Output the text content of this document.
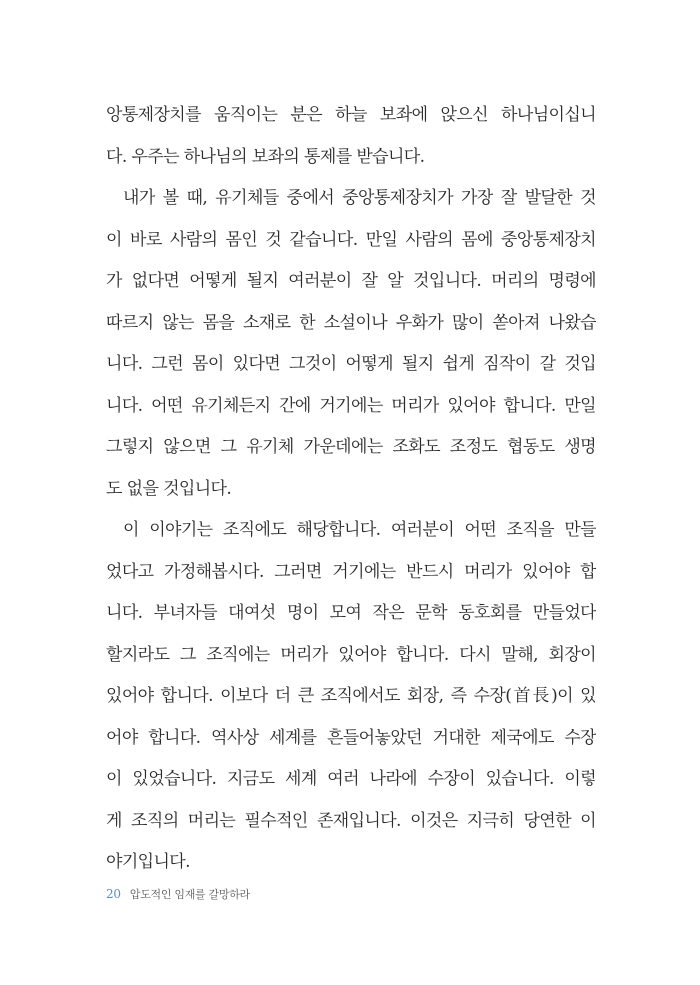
앙통제장치를 움직이는 분은 하늘 보좌에 앉으신 하나님이십니
다. 우주는 하나님의 보좌의 통제를 받습니다.
내가 볼 때, 유기체들 중에서 중앙통제장치가 가장 잘 발달한 것
이 바로 사람의 몸인 것 같습니다. 만일 사람의 몸에 중앙통제장치
가 없다면 어떻게 될지 여러분이 잘 알 것입니다. 머리의 명령에
따르지 않는 몸을 소재로 한 소설이나 우화가 많이 쏟아져 나왔습
니다. 그런 몸이 있다면 그것이 어떻게 될지 쉽게 짐작이 갈 것입
니다. 어떤 유기체든지 간에 거기에는 머리가 있어야 합니다. 만일
그렇지 않으면 그 유기체 가운데에는 조화도 조정도 협동도 생명
도 없을 것입니다.
이 이야기는 조직에도 해당합니다. 여러분이 어떤 조직을 만들
었다고 가정해봅시다. 그러면 거기에는 반드시 머리가 있어야 합
니다. 부녀자들 대여섯 명이 모여 작은 문학 동호회를 만들었다
할지라도 그 조직에는 머리가 있어야 합니다. 다시 말해, 회장이
있어야 합니다. 이보다 더 큰 조직에서도 회장, 즉 수장(首長)이 있
어야 합니다. 역사상 세계를 흔들어놓았던 거대한 제국에도 수장
이 있었습니다. 지금도 세계 여러 나라에 수장이 있습니다. 이렇
게 조직의 머리는 필수적인 존재입니다. 이것은 지극히 당연한 이
야기입니다.
20 압도적인 임재를 갈망하라
